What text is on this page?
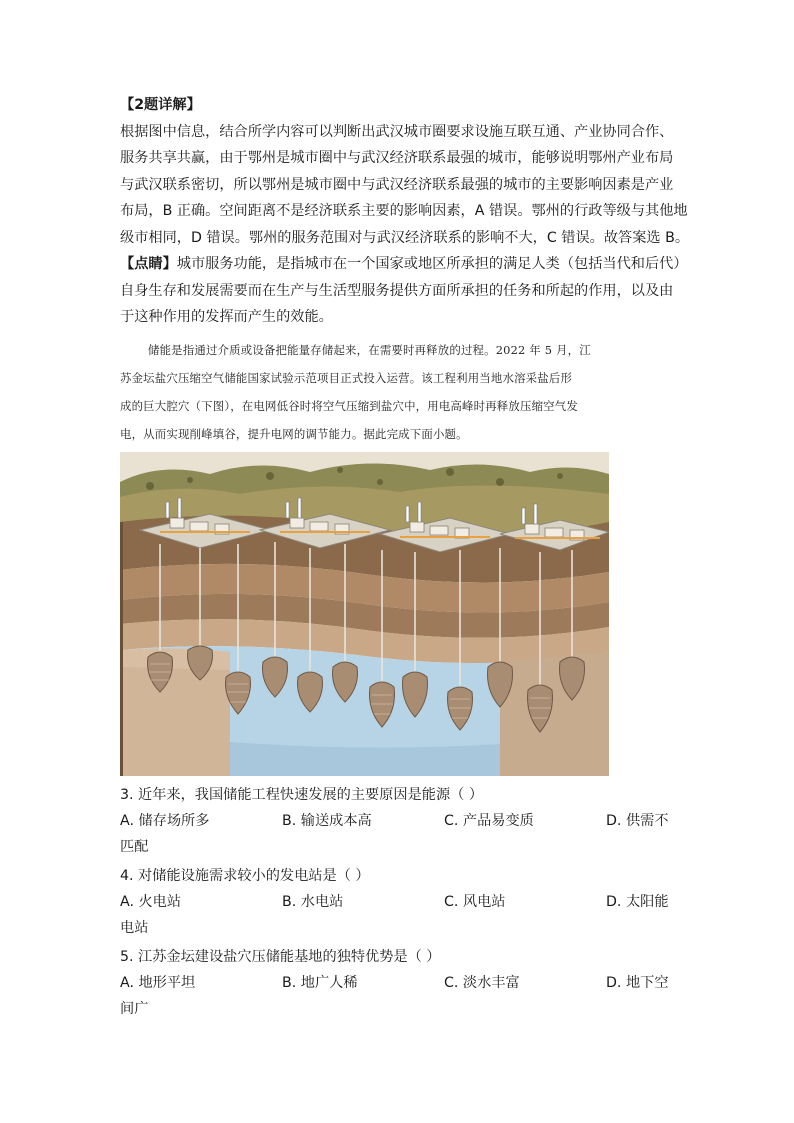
【2题详解】
根据图中信息，结合所学内容可以判断出武汉城市圈要求设施互联互通、产业协同合作、
服务共享共赢，由于鄂州是城市圈中与武汉经济联系最强的城市，能够说明鄂州产业布局
与武汉联系密切，所以鄂州是城市圈中与武汉经济联系最强的城市的主要影响因素是产业
布局，B 正确。空间距离不是经济联系主要的影响因素，A 错误。鄂州的行政等级与其他地
级市相同，D 错误。鄂州的服务范围对与武汉经济联系的影响不大，C 错误。故答案选 B。
【点睛】城市服务功能，是指城市在一个国家或地区所承担的满足人类（包括当代和后代）
自身生存和发展需要而在生产与生活型服务提供方面所承担的任务和所起的作用，以及由
于这种作用的发挥而产生的效能。
储能是指通过介质或设备把能量存储起来，在需要时再释放的过程。2022 年 5 月，江
苏金坛盐穴压缩空气储能国家试验示范项目正式投入运营。该工程利用当地水溶采盐后形
成的巨大腔穴（下图），在电网低谷时将空气压缩到盐穴中，用电高峰时再释放压缩空气发
电，从而实现削峰填谷，提升电网的调节能力。据此完成下面小题。
3. 近年来，我国储能工程快速发展的主要原因是能源（ ）
A. 储存场所多	B. 输送成本高	C. 产品易变质	D. 供需不
匹配
4. 对储能设施需求较小的发电站是（ ）
A. 火电站	B. 水电站	C. 风电站	D. 太阳能
电站
5. 江苏金坛建设盐穴压储能基地的独特优势是（ ）
A. 地形平坦	B. 地广人稀	C. 淡水丰富	D. 地下空
间广
